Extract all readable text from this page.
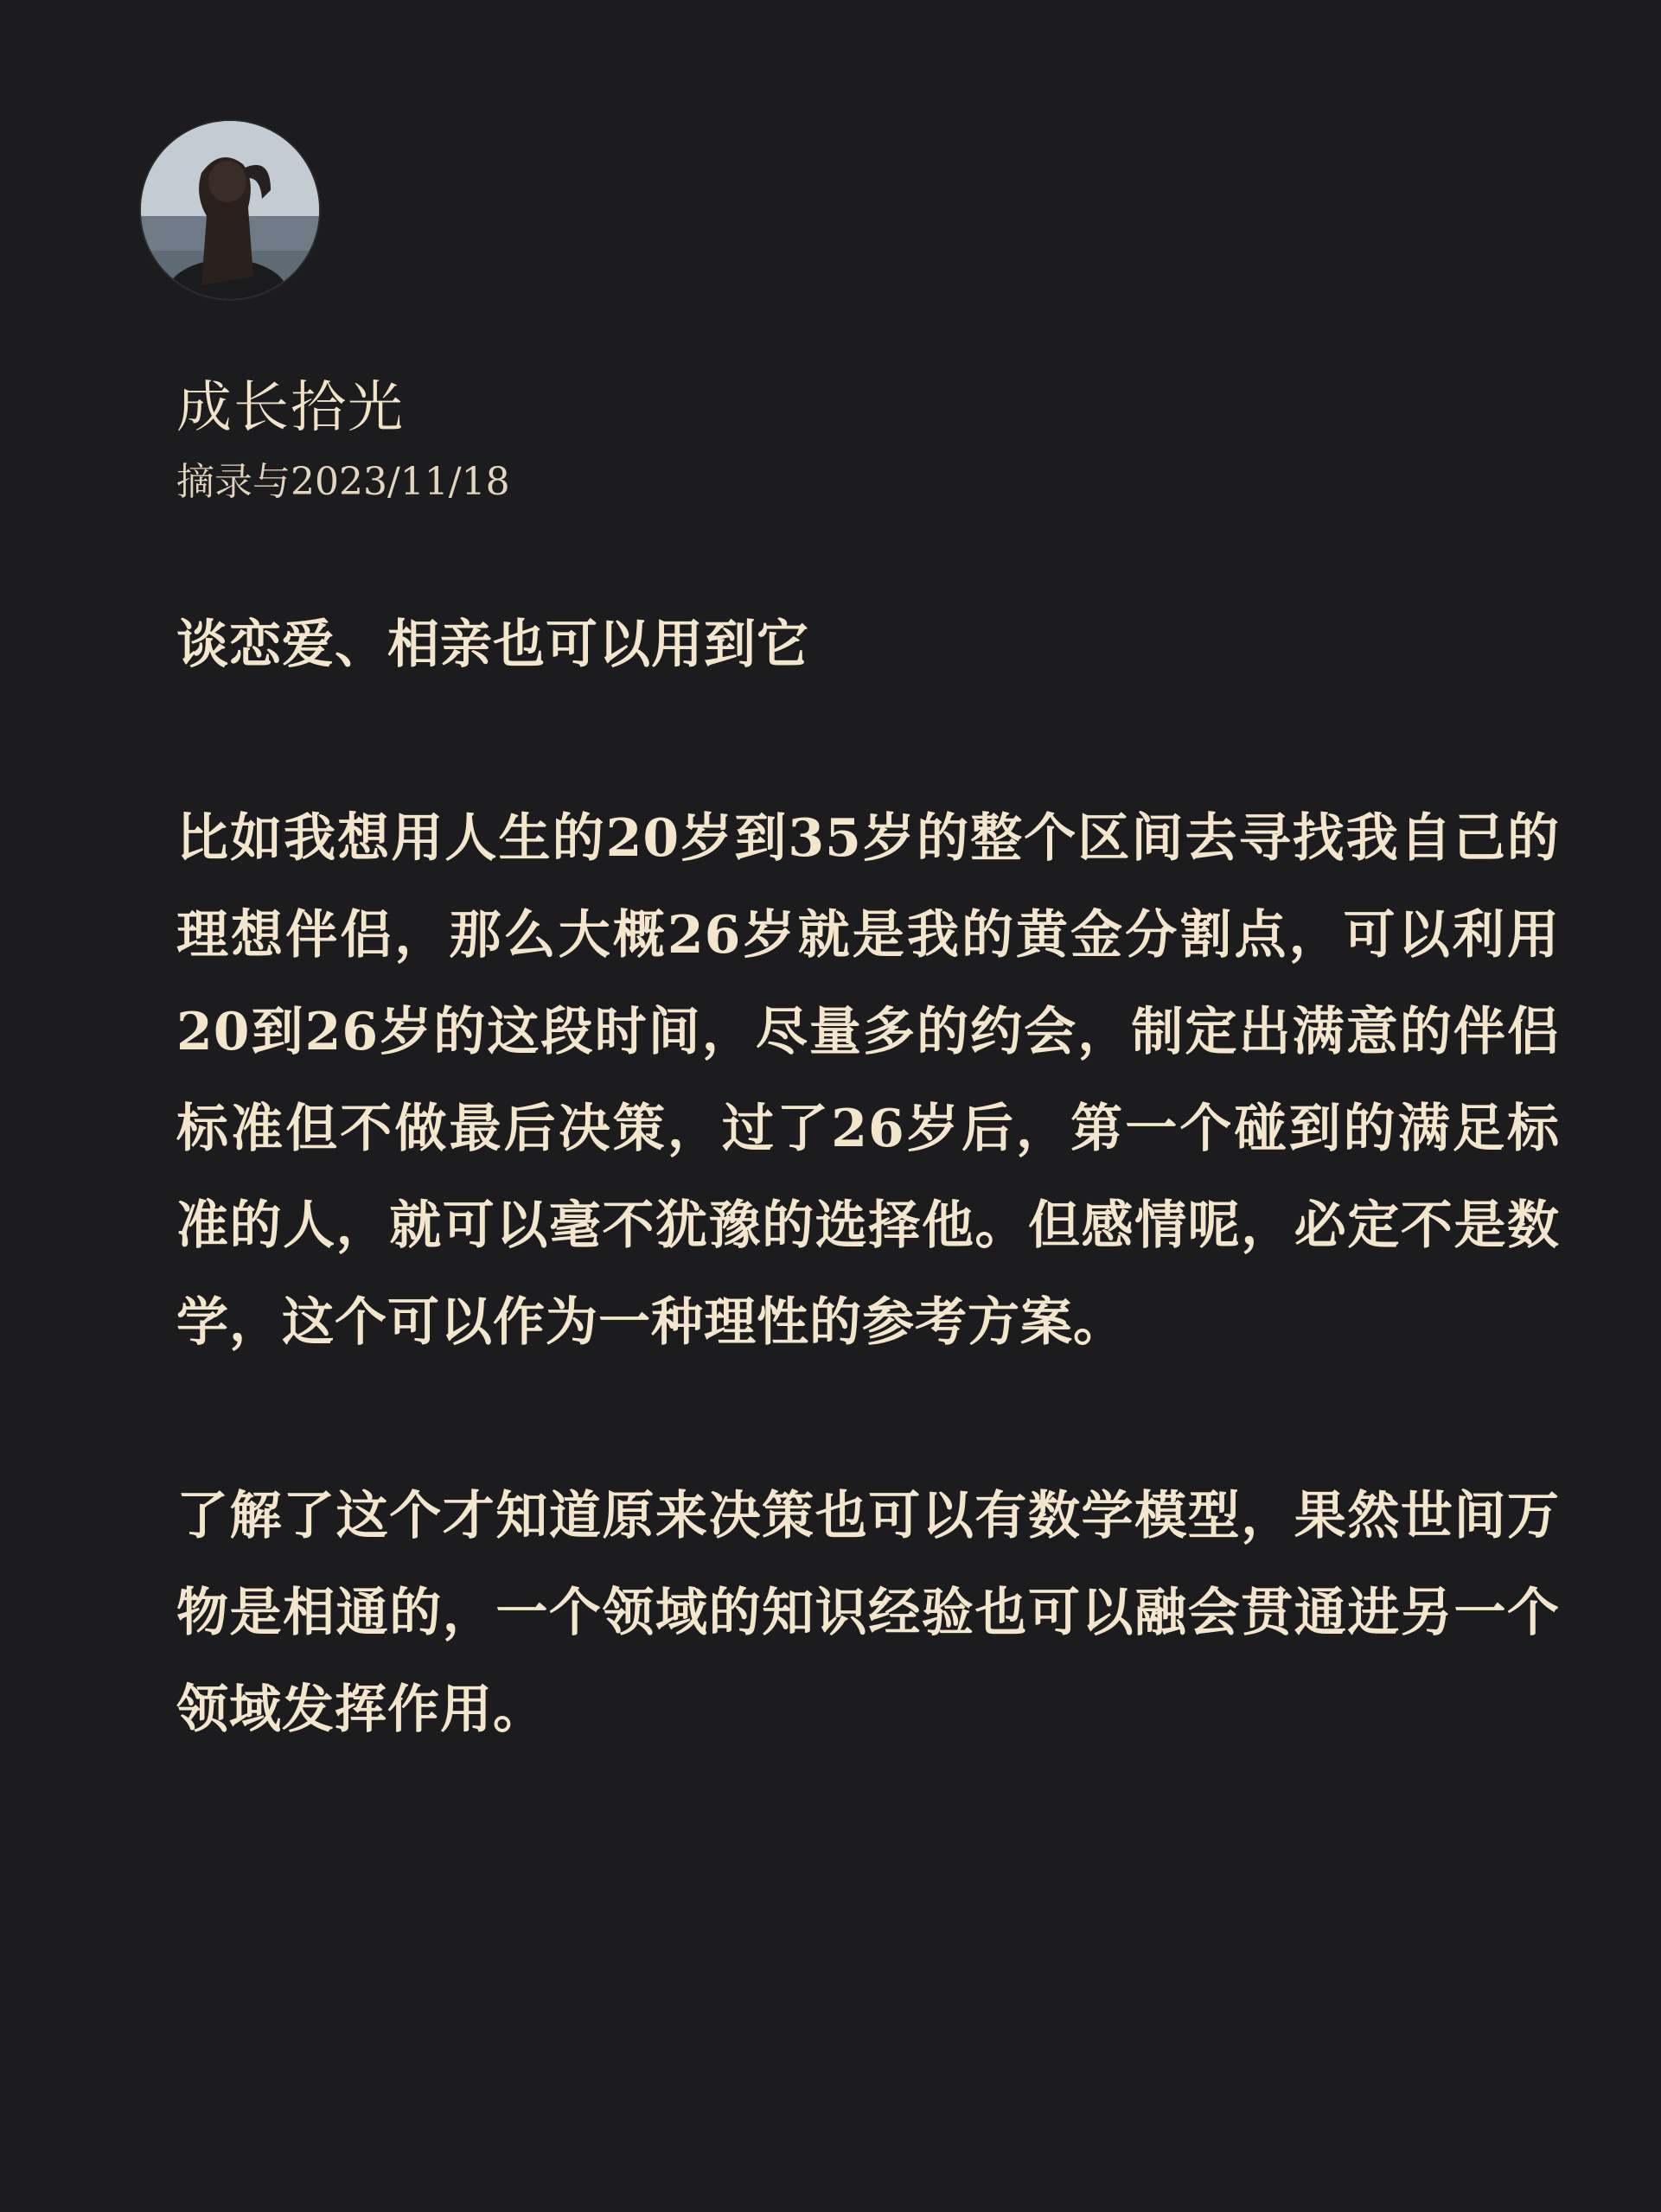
成长拾光
摘录与2023/11/18

谈恋爱、相亲也可以用到它

比如我想用人生的20岁到35岁的整个区间去寻找我自己的理想伴侣，那么大概26岁就是我的黄金分割点，可以利用20到26岁的这段时间，尽量多的约会，制定出满意的伴侣标准但不做最后决策，过了26岁后，第一个碰到的满足标准的人，就可以毫不犹豫的选择他。但感情呢，必定不是数学，这个可以作为一种理性的参考方案。

了解了这个才知道原来决策也可以有数学模型，果然世间万物是相通的，一个领域的知识经验也可以融会贯通进另一个领域发挥作用。
